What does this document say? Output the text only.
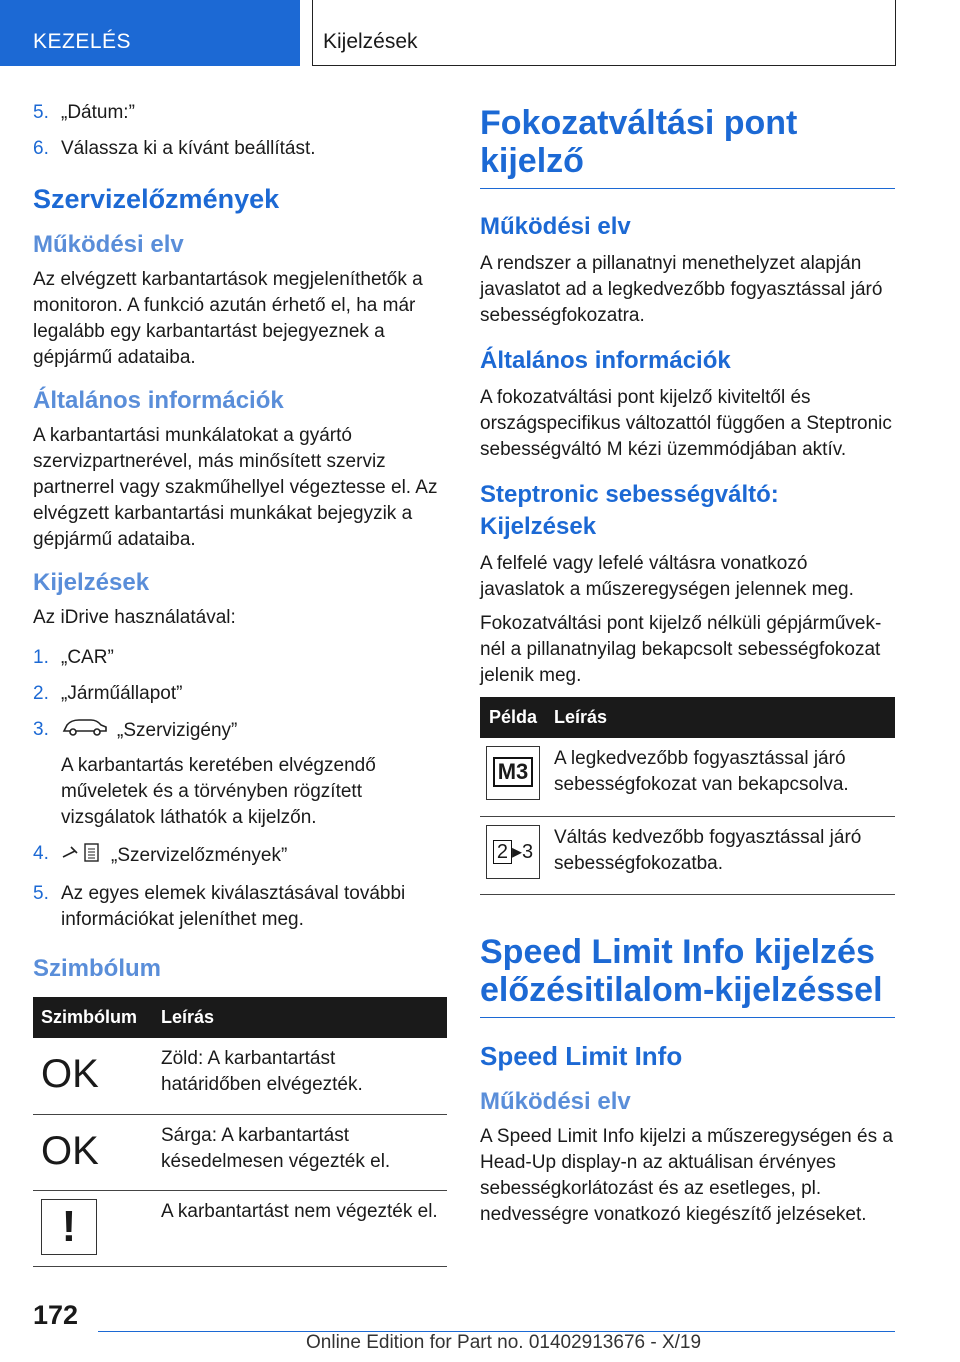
KEZELÉS	Kijelzések
5. „Dátum:”
6. Válassza ki a kívánt beállítást.
Szervizelőzmények
Működési elv

Az elvégzett karbantartások megjeleníthetők a monitoron. A funkció azután érhető el, ha már legalább egy karbantartást bejegyeznek a gépjármű adataiba.

Általános információk

A karbantartási munkálatokat a gyártó szervizpartnerével, más minősített szerviz partnerrel vagy szakműhellyel végeztesse el. Az elvégzett karbantartási munkákat bejegyzik a gépjármű adataiba.

Kijelzések

Az iDrive használatával:

1. „CAR”
2. „Járműállapot”
3.	„Szervizigény”
A karbantartás keretében elvégzendő műveletek és a törvényben rögzített vizsgálatok láthatók a kijelzőn.
4.	„Szervizelőzmények”
5. Az egyes elemek kiválasztásával további információkat jeleníthet meg.
Szimbólum
Szimbólum	Leírás
OK	Zöld: A karbantartást határidőben elvégezték.
OK	Sárga: A karbantartást késedelmesen végezték el.
!	A karbantartást nem végezték el.
Fokozatváltási pont kijelző
Működési elv

A rendszer a pillanatnyi menethelyzet alapján javaslatot ad a legkedvezőbb fogyasztással járó sebességfokozatra.

Általános információk

A fokozatváltási pont kijelző kiviteltől és országspecifikus változattól függően a Steptronic sebességváltó M kézi üzemmódjában aktív.

Steptronic sebességváltó: Kijelzések

A felfelé vagy lefelé váltásra vonatkozó javaslatok a műszeregységen jelennek meg.

Fokozatváltási pont kijelző nélküli gépjárművek-nél a pillanatnyilag bekapcsolt sebességfokozat jelenik meg.

Példa	Leírás
M3	A legkedvezőbb fogyasztással járó sebességfokozat van bekapcsolva.
2 ▸3	Váltás kedvezőbb fogyasztással járó sebességfokozatba.
Speed Limit Info kijelzés előzésitilalom-kijelzéssel
Speed Limit Info
Működési elv

A Speed Limit Info kijelzi a műszeregységen és a Head-Up display-n az aktuálisan érvényes sebességkorlátozást és az esetleges, pl. nedvességre vonatkozó kiegészítő jelzéseket.

172
Online Edition for Part no. 01402913676 - X/19
